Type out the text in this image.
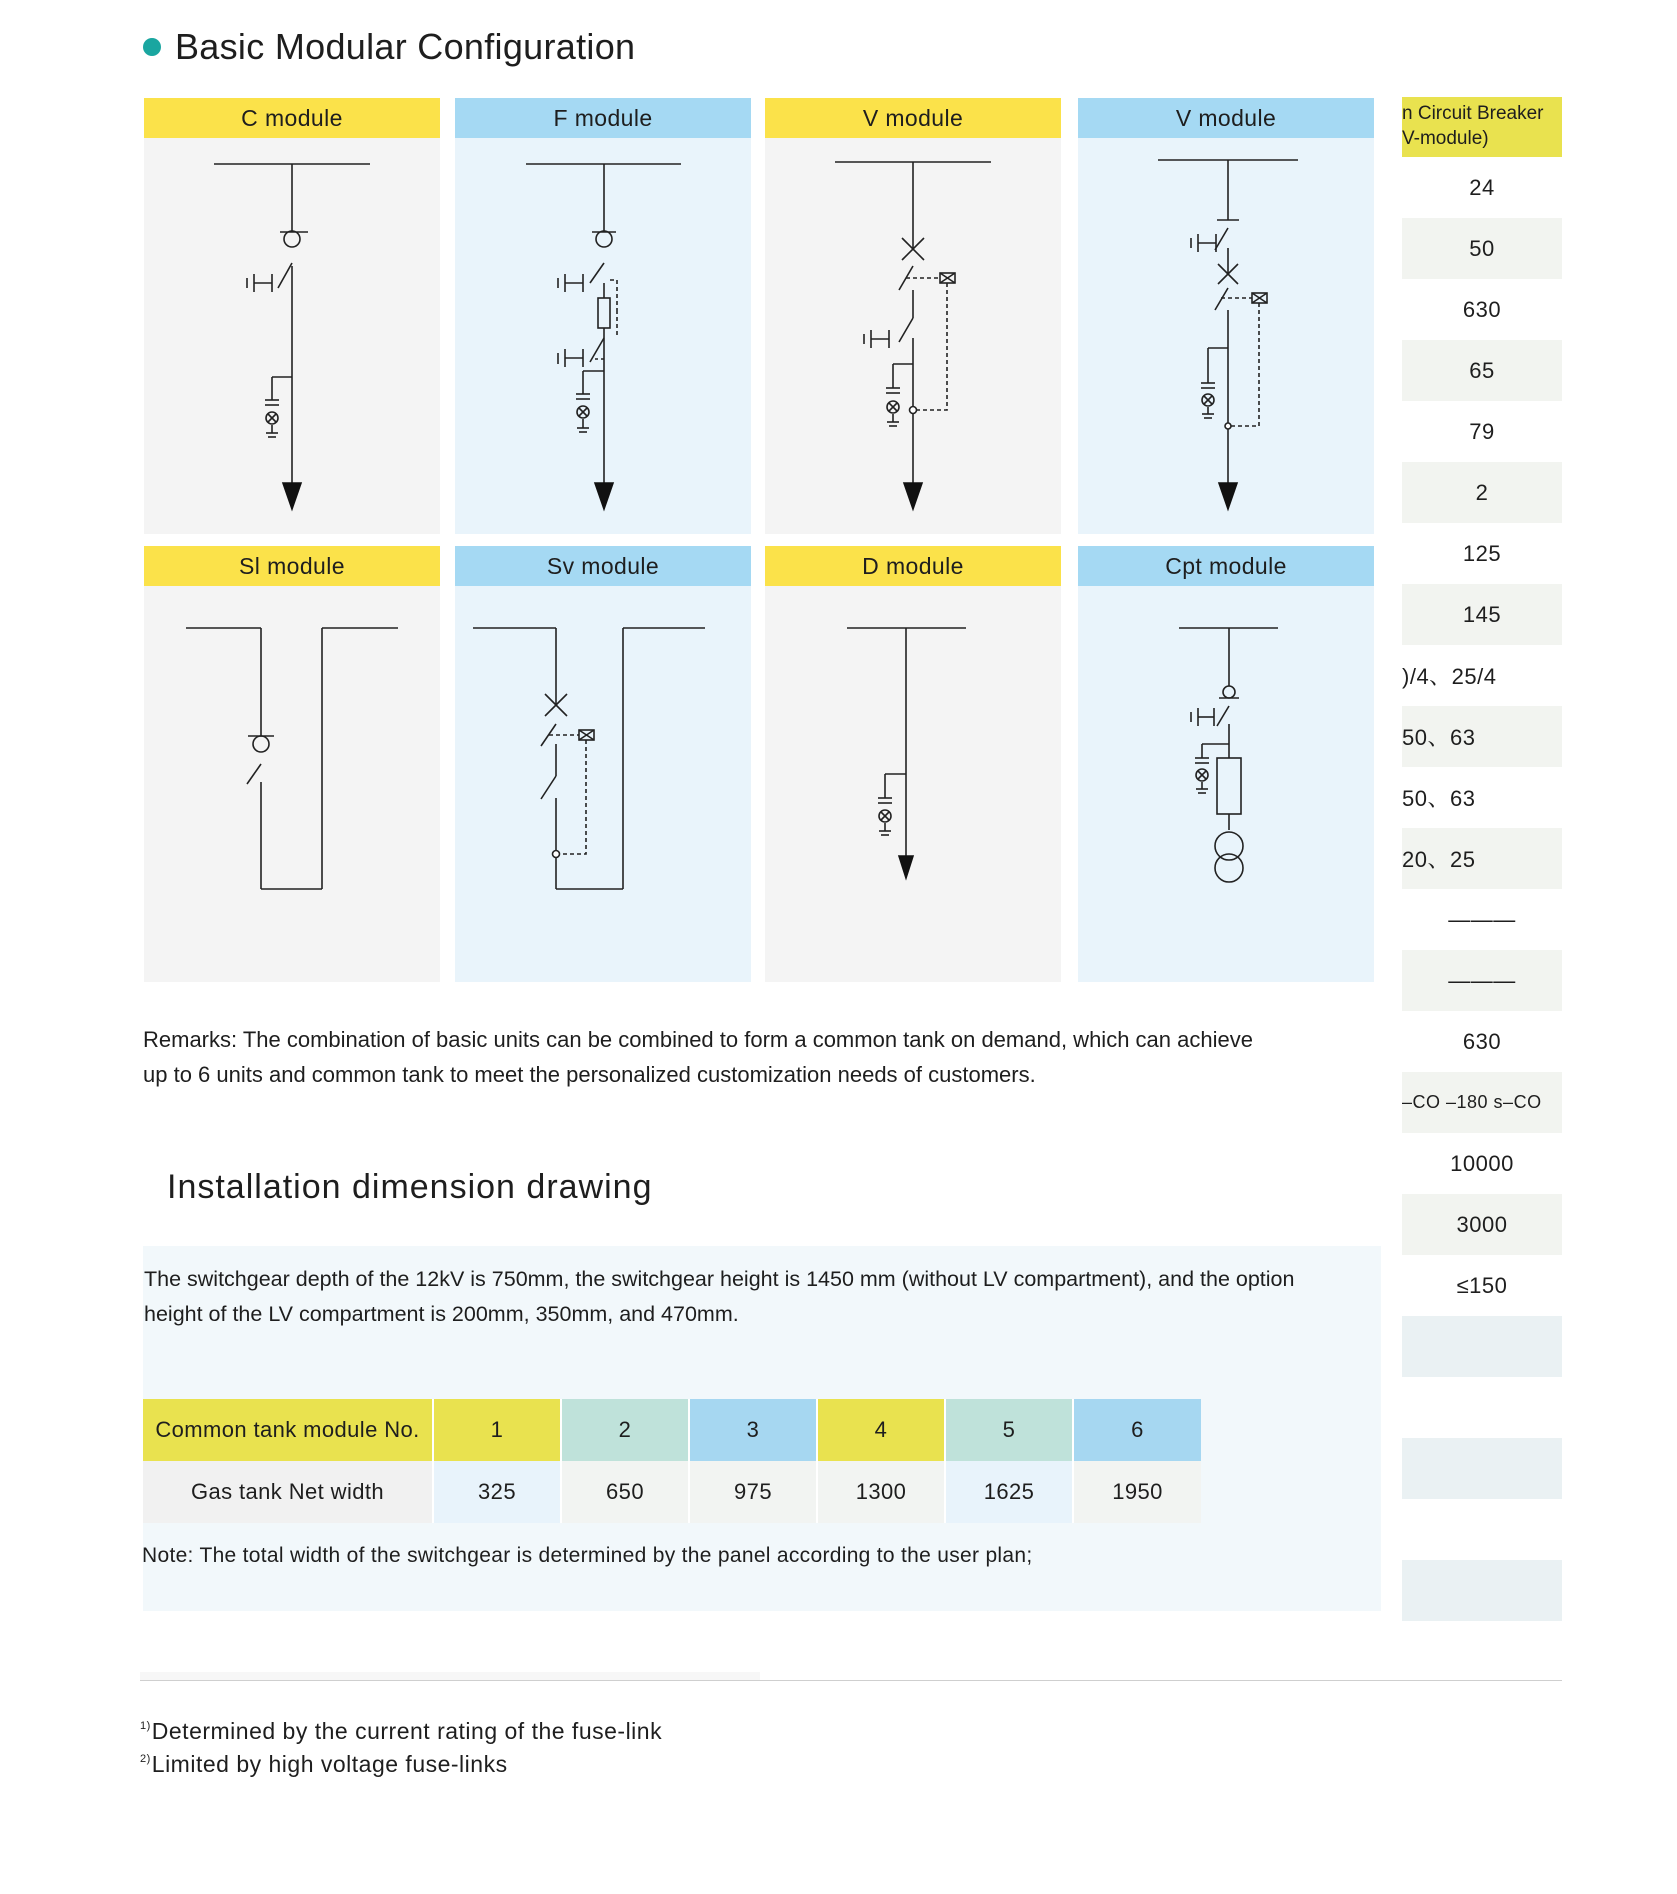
Basic Modular Configuration
C module	F module	V module	V module
Sl module	Sv module	D module	Cpt module
Remarks: The combination of basic units can be combined to form a common tank on demand, which can achieve up to 6 units and common tank to meet the personalized customization needs of customers.
Installation dimension drawing
The switchgear depth of the 12kV is 750mm, the switchgear height is 1450 mm (without LV compartment), and the option height of the LV compartment is 200mm, 350mm, and 470mm.
Common tank module No.	1	2	3	4	5	6
Gas tank Net width	325	650	975	1300	1625	1950
Note: The total width of the switchgear is determined by the panel according to the user plan;
$^{1)}$Determined by the current rating of the fuse-link
$^{2)}$Limited by high voltage fuse-links
n Circuit Breaker
V-module)
24
50
630
65
79
2
125
145
)/4、25/4
50、63
50、63
20、25
———
———
630
–CO –180 s–CO
10000
3000
≤150
